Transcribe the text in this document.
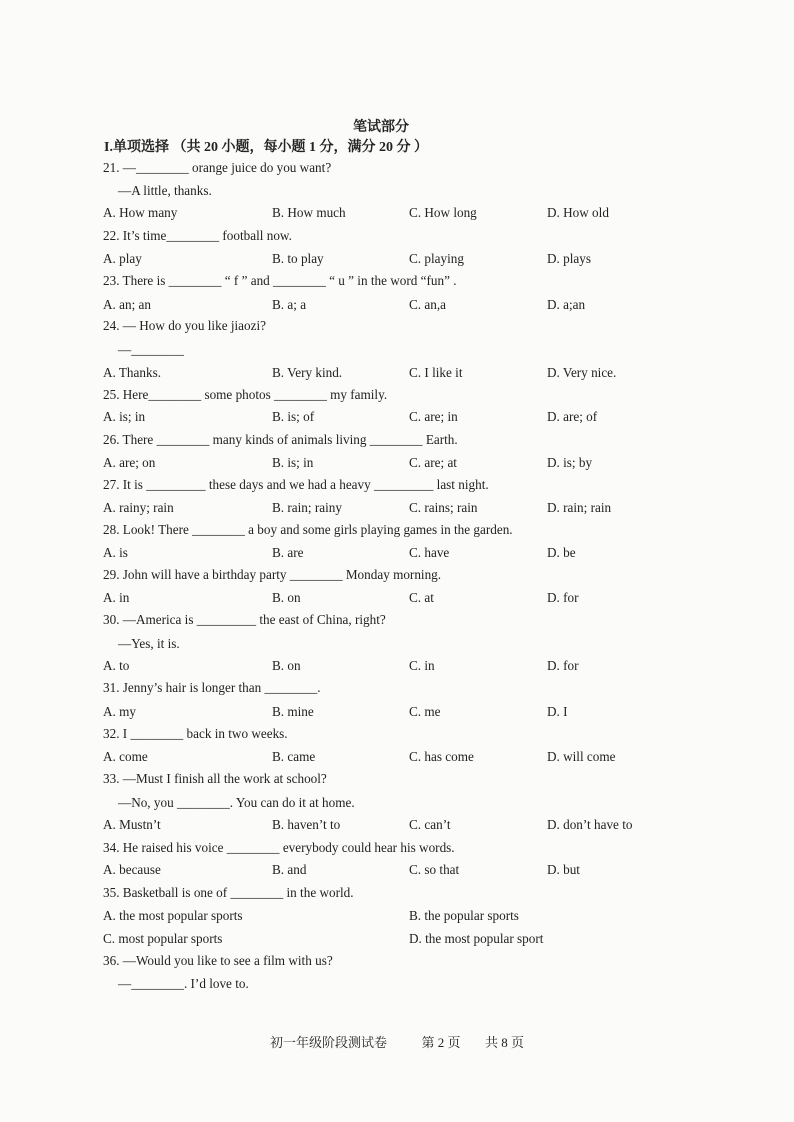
笔试部分
I.单项选择 （共 20 小题，每小题 1 分，满分 20 分 ）
21. —________ orange juice do you want?
—A little, thanks.
A. How many	B. How much	C. How long	D. How old
22. It’s time________ football now.
A. play	B. to play	C. playing	D. plays
23. There is ________ “ f ” and ________ “ u ” in the word “fun” .
A. an; an	B. a; a	C. an,a	D. a;an
24. — How do you like jiaozi?
—________
A. Thanks.	B. Very kind.	C. I like it	D. Very nice.
25. Here________ some photos ________ my family.
A. is; in	B. is; of	C. are; in	D. are; of
26. There ________ many kinds of animals living ________ Earth.
A. are; on	B. is; in	C. are; at	D. is; by
27. It is _________ these days and we had a heavy _________ last night.
A. rainy; rain	B. rain; rainy	C. rains; rain	D. rain; rain
28. Look! There ________ a boy and some girls playing games in the garden.
A. is	B. are	C. have	D. be
29. John will have a birthday party ________ Monday morning.
A. in	B. on	C. at	D. for
30. —America is _________ the east of China, right?
—Yes, it is.
A. to	B. on	C. in	D. for
31. Jenny’s hair is longer than ________.
A. my	B. mine	C. me	D. I
32. I ________ back in two weeks.
A. come	B. came	C. has come	D. will come
33. —Must I finish all the work at school?
—No, you ________. You can do it at home.
A. Mustn’t	B. haven’t to	C. can’t	D. don’t have to
34. He raised his voice ________ everybody could hear his words.
A. because	B. and	C. so that	D. but
35. Basketball is one of ________ in the world.
A. the most popular sports	B. the popular sports
C. most popular sports	D. the most popular sport
36. —Would you like to see a film with us?
—________. I’d love to.
初一年级阶段测试卷	第 2 页 共 8 页
